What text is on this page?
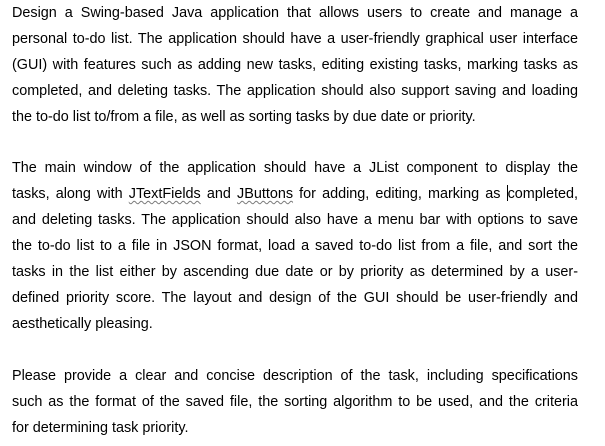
Design a Swing-based Java application that allows users to create and manage a
personal to-do list. The application should have a user-friendly graphical user interface
(GUI) with features such as adding new tasks, editing existing tasks, marking tasks as
completed, and deleting tasks. The application should also support saving and loading
the to-do list to/from a file, as well as sorting tasks by due date or priority.
The main window of the application should have a JList component to display the
tasks, along with JTextFields and JButtons for adding, editing, marking as completed,
and deleting tasks. The application should also have a menu bar with options to save
the to-do list to a file in JSON format, load a saved to-do list from a file, and sort the
tasks in the list either by ascending due date or by priority as determined by a user-
defined priority score. The layout and design of the GUI should be user-friendly and
aesthetically pleasing.
Please provide a clear and concise description of the task, including specifications
such as the format of the saved file, the sorting algorithm to be used, and the criteria
for determining task priority.
